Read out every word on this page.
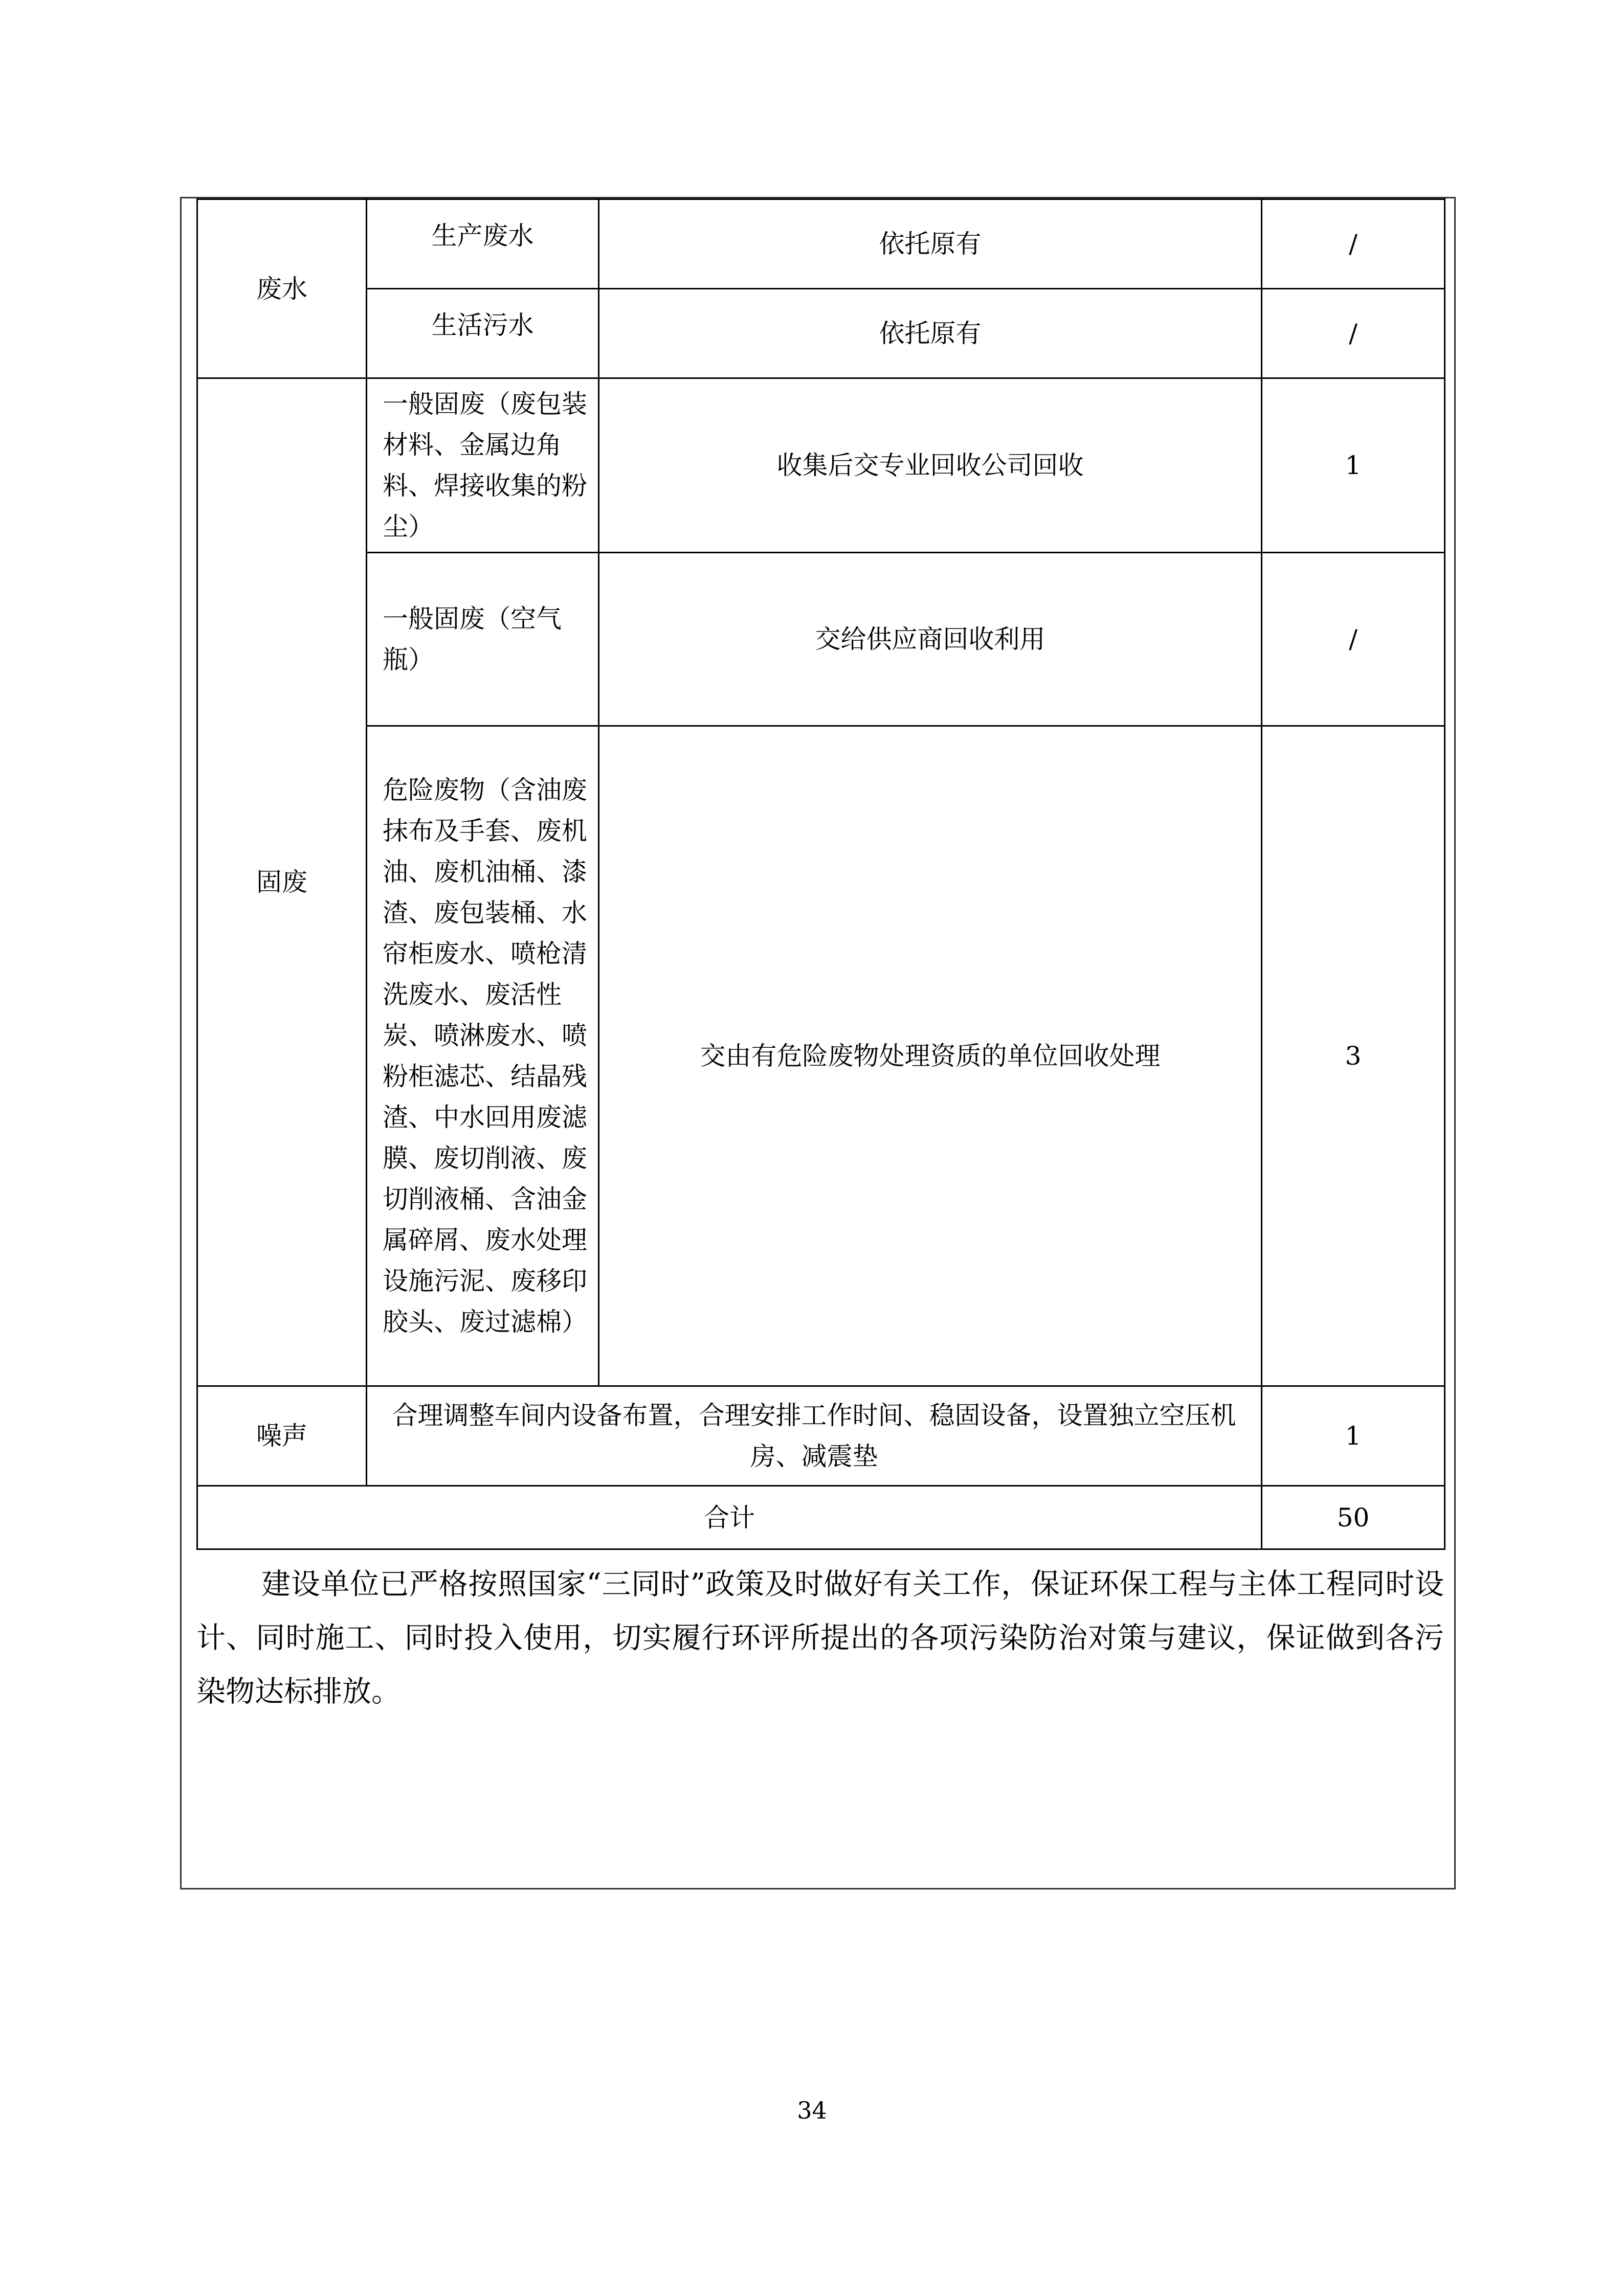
废水	生产废水	依托原有	/
	生活污水	依托原有	/
固废	一般固废（废包装材料、金属边角料、焊接收集的粉尘）	收集后交专业回收公司回收	1
	一般固废（空气瓶）	交给供应商回收利用	/
	危险废物（含油废抹布及手套、废机油、废机油桶、漆渣、废包装桶、水帘柜废水、喷枪清洗废水、废活性炭、喷淋废水、喷粉柜滤芯、结晶残渣、中水回用废滤膜、废切削液、废切削液桶、含油金属碎屑、废水处理设施污泥、废移印胶头、废过滤棉）	交由有危险废物处理资质的单位回收处理	3
噪声	合理调整车间内设备布置，合理安排工作时间、稳固设备，设置独立空压机房、减震垫		1
合计			50

建设单位已严格按照国家“三同时”政策及时做好有关工作，保证环保工程与主体工程同时设计、同时施工、同时投入使用，切实履行环评所提出的各项污染防治对策与建议，保证做到各污染物达标排放。

34
